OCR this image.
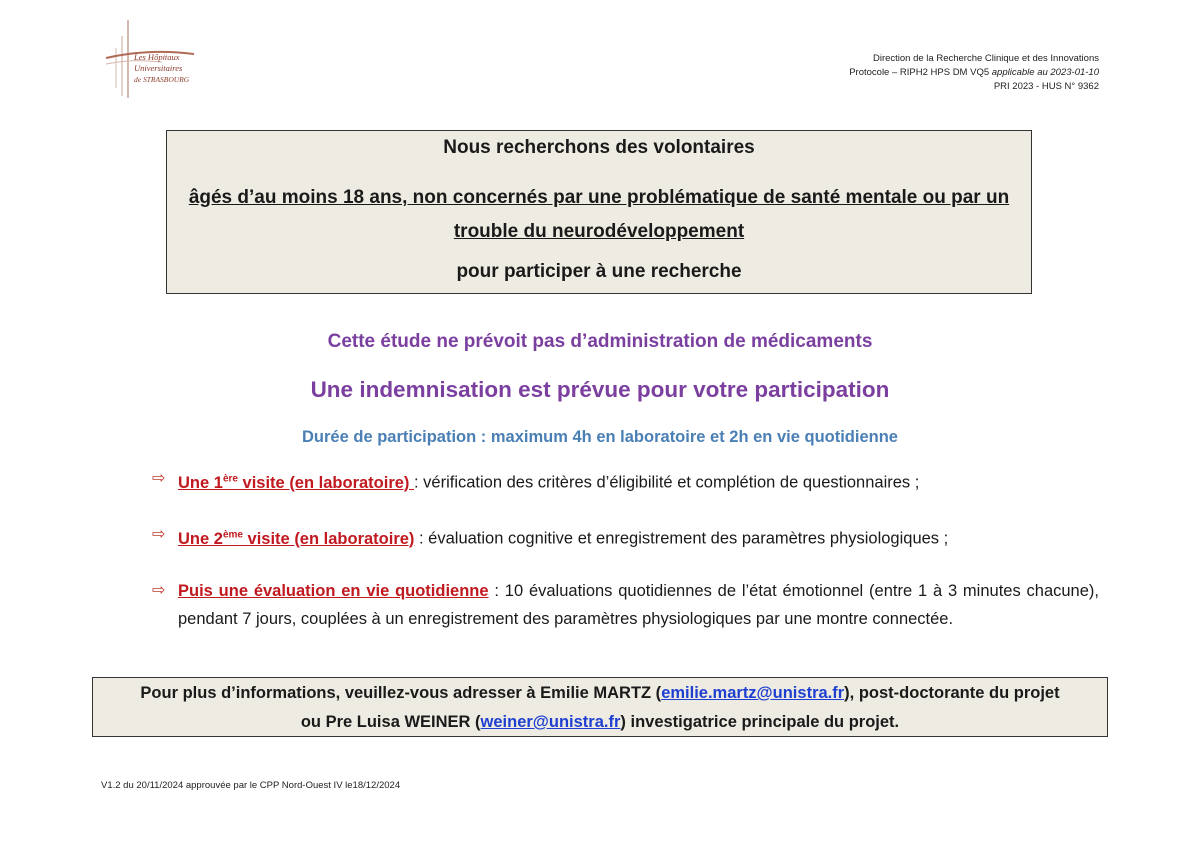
Les Hôpitaux
Universitaires
de STRASBOURG
Direction de la Recherche Clinique et des Innovations
Protocole – RIPH2 HPS DM VQ5 applicable au 2023-01-10
PRI 2023 - HUS N° 9362
Nous recherchons des volontaires
âgés d’au moins 18 ans, non concernés par une problématique de santé mentale ou par un trouble du neurodéveloppement
pour participer à une recherche
Cette étude ne prévoit pas d’administration de médicaments
Une indemnisation est prévue pour votre participation
Durée de participation : maximum 4h en laboratoire et 2h en vie quotidienne
⇨ Une 1ère visite (en laboratoire) : vérification des critères d’éligibilité et complétion de questionnaires ;
⇨ Une 2ème visite (en laboratoire) : évaluation cognitive et enregistrement des paramètres physiologiques ;
⇨ Puis une évaluation en vie quotidienne : 10 évaluations quotidiennes de l’état émotionnel (entre 1 à 3 minutes chacune), pendant 7 jours, couplées à un enregistrement des paramètres physiologiques par une montre connectée.
Pour plus d’informations, veuillez-vous adresser à Emilie MARTZ (emilie.martz@unistra.fr), post-doctorante du projet
ou Pre Luisa WEINER (weiner@unistra.fr) investigatrice principale du projet.
V1.2 du 20/11/2024 approuvée par le CPP Nord-Ouest IV le18/12/2024
